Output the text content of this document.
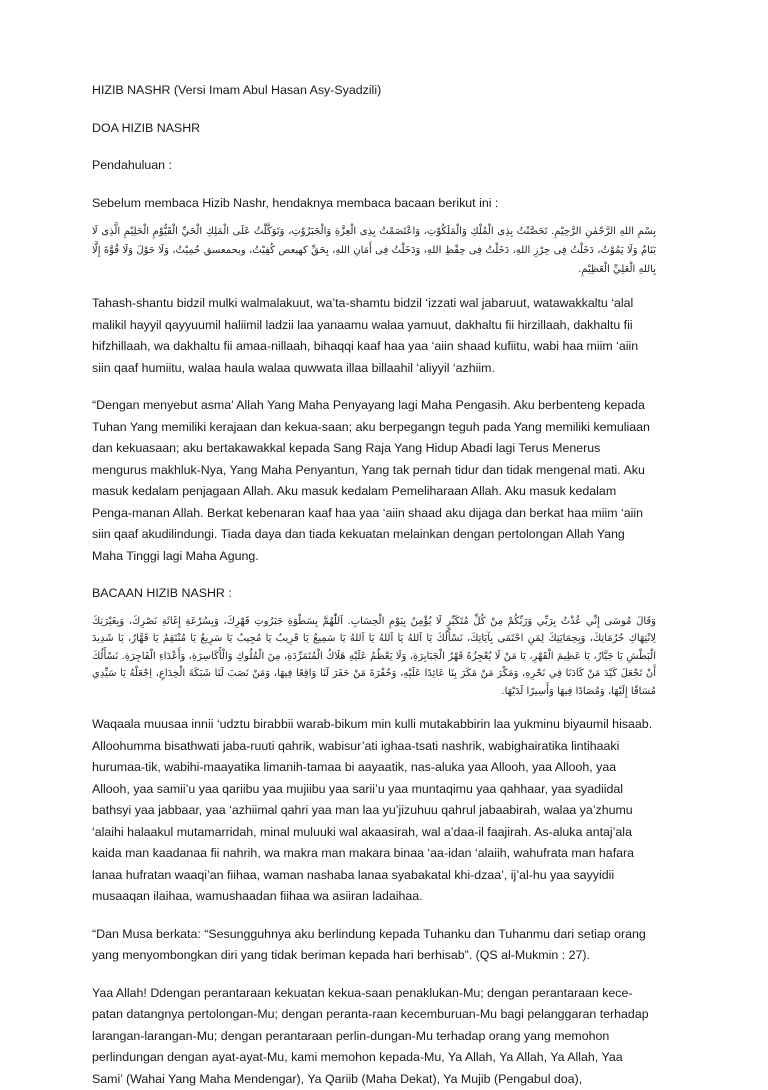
HIZIB NASHR (Versi Imam Abul Hasan Asy-Syadzili)

DOA HIZIB NASHR

Pendahuluan :

Sebelum membaca Hizib Nashr, hendaknya membaca bacaan berikut ini :

بِسْمِ اللهِ الرَّحْمٰنِ الرَّحِيْمِ. تَحَصَّنْتُ بِذِى الْمُلْكِ وَالْمَلَكُوْتِ، وَاعْتَصَمْتُ بِذِى الْعِزَّةِ وَالْجَبَرُوْتِ، وَتَوَكَّلْتُ عَلَى الْمَلِكِ الْحَيِّ الْقَيُّوْمِ الْحَلِيْمِ الَّذِى لَا يَنَامُ وَلَا يَمُوْتُ، دَخَلْتُ فِى حِرْزِ اللهِ، دَخَلْتُ فِى حِفْظِ اللهِ، وَدَخَلْتُ فِى أَمَانِ اللهِ، بِحَقِّ كهيعص كُفِيْتُ، وبحمعسق حُمِيْتُ، وَلَا حَوْلَ وَلَا قُوَّةَ إِلَّا بِاللهِ الْعَلِيِّ الْعَظِيْمِ.

Tahash-shantu bidzil mulki walmalakuut, wa’ta-shamtu bidzil ‘izzati wal jabaruut, watawakkaltu ‘alal malikil hayyil qayyuumil haliimil ladzii laa yanaamu walaa yamuut, dakhaltu fii hirzillaah, dakhaltu fii hifzhillaah, wa dakhaltu fii amaa-nillaah, bihaqqi kaaf haa yaa ‘aiin shaad kufiitu, wabi haa miim ‘aiin siin qaaf humiitu, walaa haula walaa quwwata illaa billaahil ‘aliyyil ‘azhiim.

“Dengan menyebut asma’ Allah Yang Maha Penyayang lagi Maha Pengasih. Aku berbenteng kepada Tuhan Yang memiliki kerajaan dan kekua-saan; aku berpegangn teguh pada Yang memiliki kemuliaan dan kekuasaan; aku bertakawakkal kepada Sang Raja Yang Hidup Abadi lagi Terus Menerus mengurus makhluk-Nya, Yang Maha Penyantun, Yang tak pernah tidur dan tidak mengenal mati. Aku masuk kedalam penjagaan Allah. Aku masuk kedalam Pemeliharaan Allah. Aku masuk kedalam Penga-manan Allah. Berkat kebenaran kaaf haa yaa ‘aiin shaad aku dijaga dan berkat haa miim ‘aiin siin qaaf akudilindungi. Tiada daya dan tiada kekuatan melainkan dengan pertolongan Allah Yang Maha Tinggi lagi Maha Agung.

BACAAN HIZIB NASHR :

وَقَالَ مُوسَى إِنِّي عُذْتُ بِرَبِّي وَرَبِّكُمْ مِنْ كُلِّ مُتَكَبِّرٍ لَا يُؤْمِنُ بِيَوْمِ الْحِسَابِ. اَللّٰهُمَّ بِسَطْوَةِ جَبَرُوتِ قَهْرِكَ، وَبِسُرْعَةِ إِغَاثَةِ نَصْرِكَ، وَبِغَيْرَتِكَ لِانْتِهَاكِ حُرُمَاتِكَ، وَبِحِمَايَتِكَ لِمَنِ احْتَمَى بِآيَاتِكَ، نَسْأَلُكَ يَا اَللهُ يَا اَللهُ يَا اَللهُ يَا سَمِيعُ يَا قَرِيبُ يَا مُجِيبُ يَا سَرِيعُ يَا مُنْتَقِمُ يَا قَهَّارُ، يَا شَدِيدَ الْبَطْشِ يَا جَبَّارُ، يَا عَظِيمَ الْقَهْرِ، يَا مَنْ لَا يُعْجِزُهُ قَهْرُ الْجَبَابِرَةِ، وَلَا يَعْظُمُ عَلَيْهِ هَلَاكُ الْمُتَمَرِّدَةِ، مِنَ الْمُلُوكِ وَالْأَكَاسِرَةِ، وَأَعْدَاءِ الْفَاجِرَةِ. نَسْأَلُكَ أَنْ تَجْعَلَ كَيْدَ مَنْ كَادَنَا فِي نَحْرِهِ، وَمَكْرَ مَنْ مَكَرَ بِنَا عَائِدًا عَلَيْهِ، وَحُفْرَةَ مَنْ حَفَرَ لَنَا وَاقِعًا فِيهَا، وَمَنْ نَصَبَ لَنَا شَبَكَةَ الْخِدَاعِ، اِجْعَلْهُ يَا سَيِّدِي مُسَاقًا إِلَيْهَا، وَمُصَادًا فِيهَا وَأَسِيرًا لَدَيْهَا.

Waqaala muusaa innii ‘udztu birabbii warab-bikum min kulli mutakabbirin laa yukminu biyaumil hisaab. Alloohumma bisathwati jaba-ruuti qahrik, wabisur’ati ighaa-tsati nashrik, wabighairatika lintihaaki hurumaa-tik, wabihi-maayatika limanih-tamaa bi aayaatik, nas-aluka yaa Allooh, yaa Allooh, yaa Allooh, yaa samii’u yaa qariibu yaa mujiibu yaa sarii’u yaa muntaqimu yaa qahhaar, yaa syadiidal bathsyi yaa jabbaar, yaa ‘azhiimal qahri yaa man laa yu’jizuhuu qahrul jabaabirah, walaa ya’zhumu ‘alaihi halaakul mutamarridah, minal muluuki wal akaasirah, wal a’daa-il faajirah. As-aluka antaj’ala kaida man kaadanaa fii nahrih, wa makra man makara binaa ‘aa-idan ‘alaiih, wahufrata man hafara lanaa hufratan waaqi’an fiihaa, waman nashaba lanaa syabakatal khi-dzaa’, ij’al-hu yaa sayyidii musaaqan ilaihaa, wamushaadan fiihaa wa asiiran ladaihaa.

“Dan Musa berkata: “Sesungguhnya aku berlindung kepada Tuhanku dan Tuhanmu dari setiap orang yang menyombongkan diri yang tidak beriman kepada hari berhisab”. (QS al-Mukmin : 27).

Yaa Allah! Ddengan perantaraan kekuatan kekua-saan penaklukan-Mu; dengan perantaraan kece-patan datangnya pertolongan-Mu; dengan peranta-raan kecemburuan-Mu bagi pelanggaran terhadap larangan-larangan-Mu; dengan perantaraan perlin-dungan-Mu terhadap orang yang memohon perlindungan dengan ayat-ayat-Mu, kami memohon kepada-Mu, Ya Allah, Ya Allah, Ya Allah, Yaa Sami’ (Wahai Yang Maha Mendengar), Ya Qariib (Maha Dekat), Ya Mujib (Pengabul doa),
